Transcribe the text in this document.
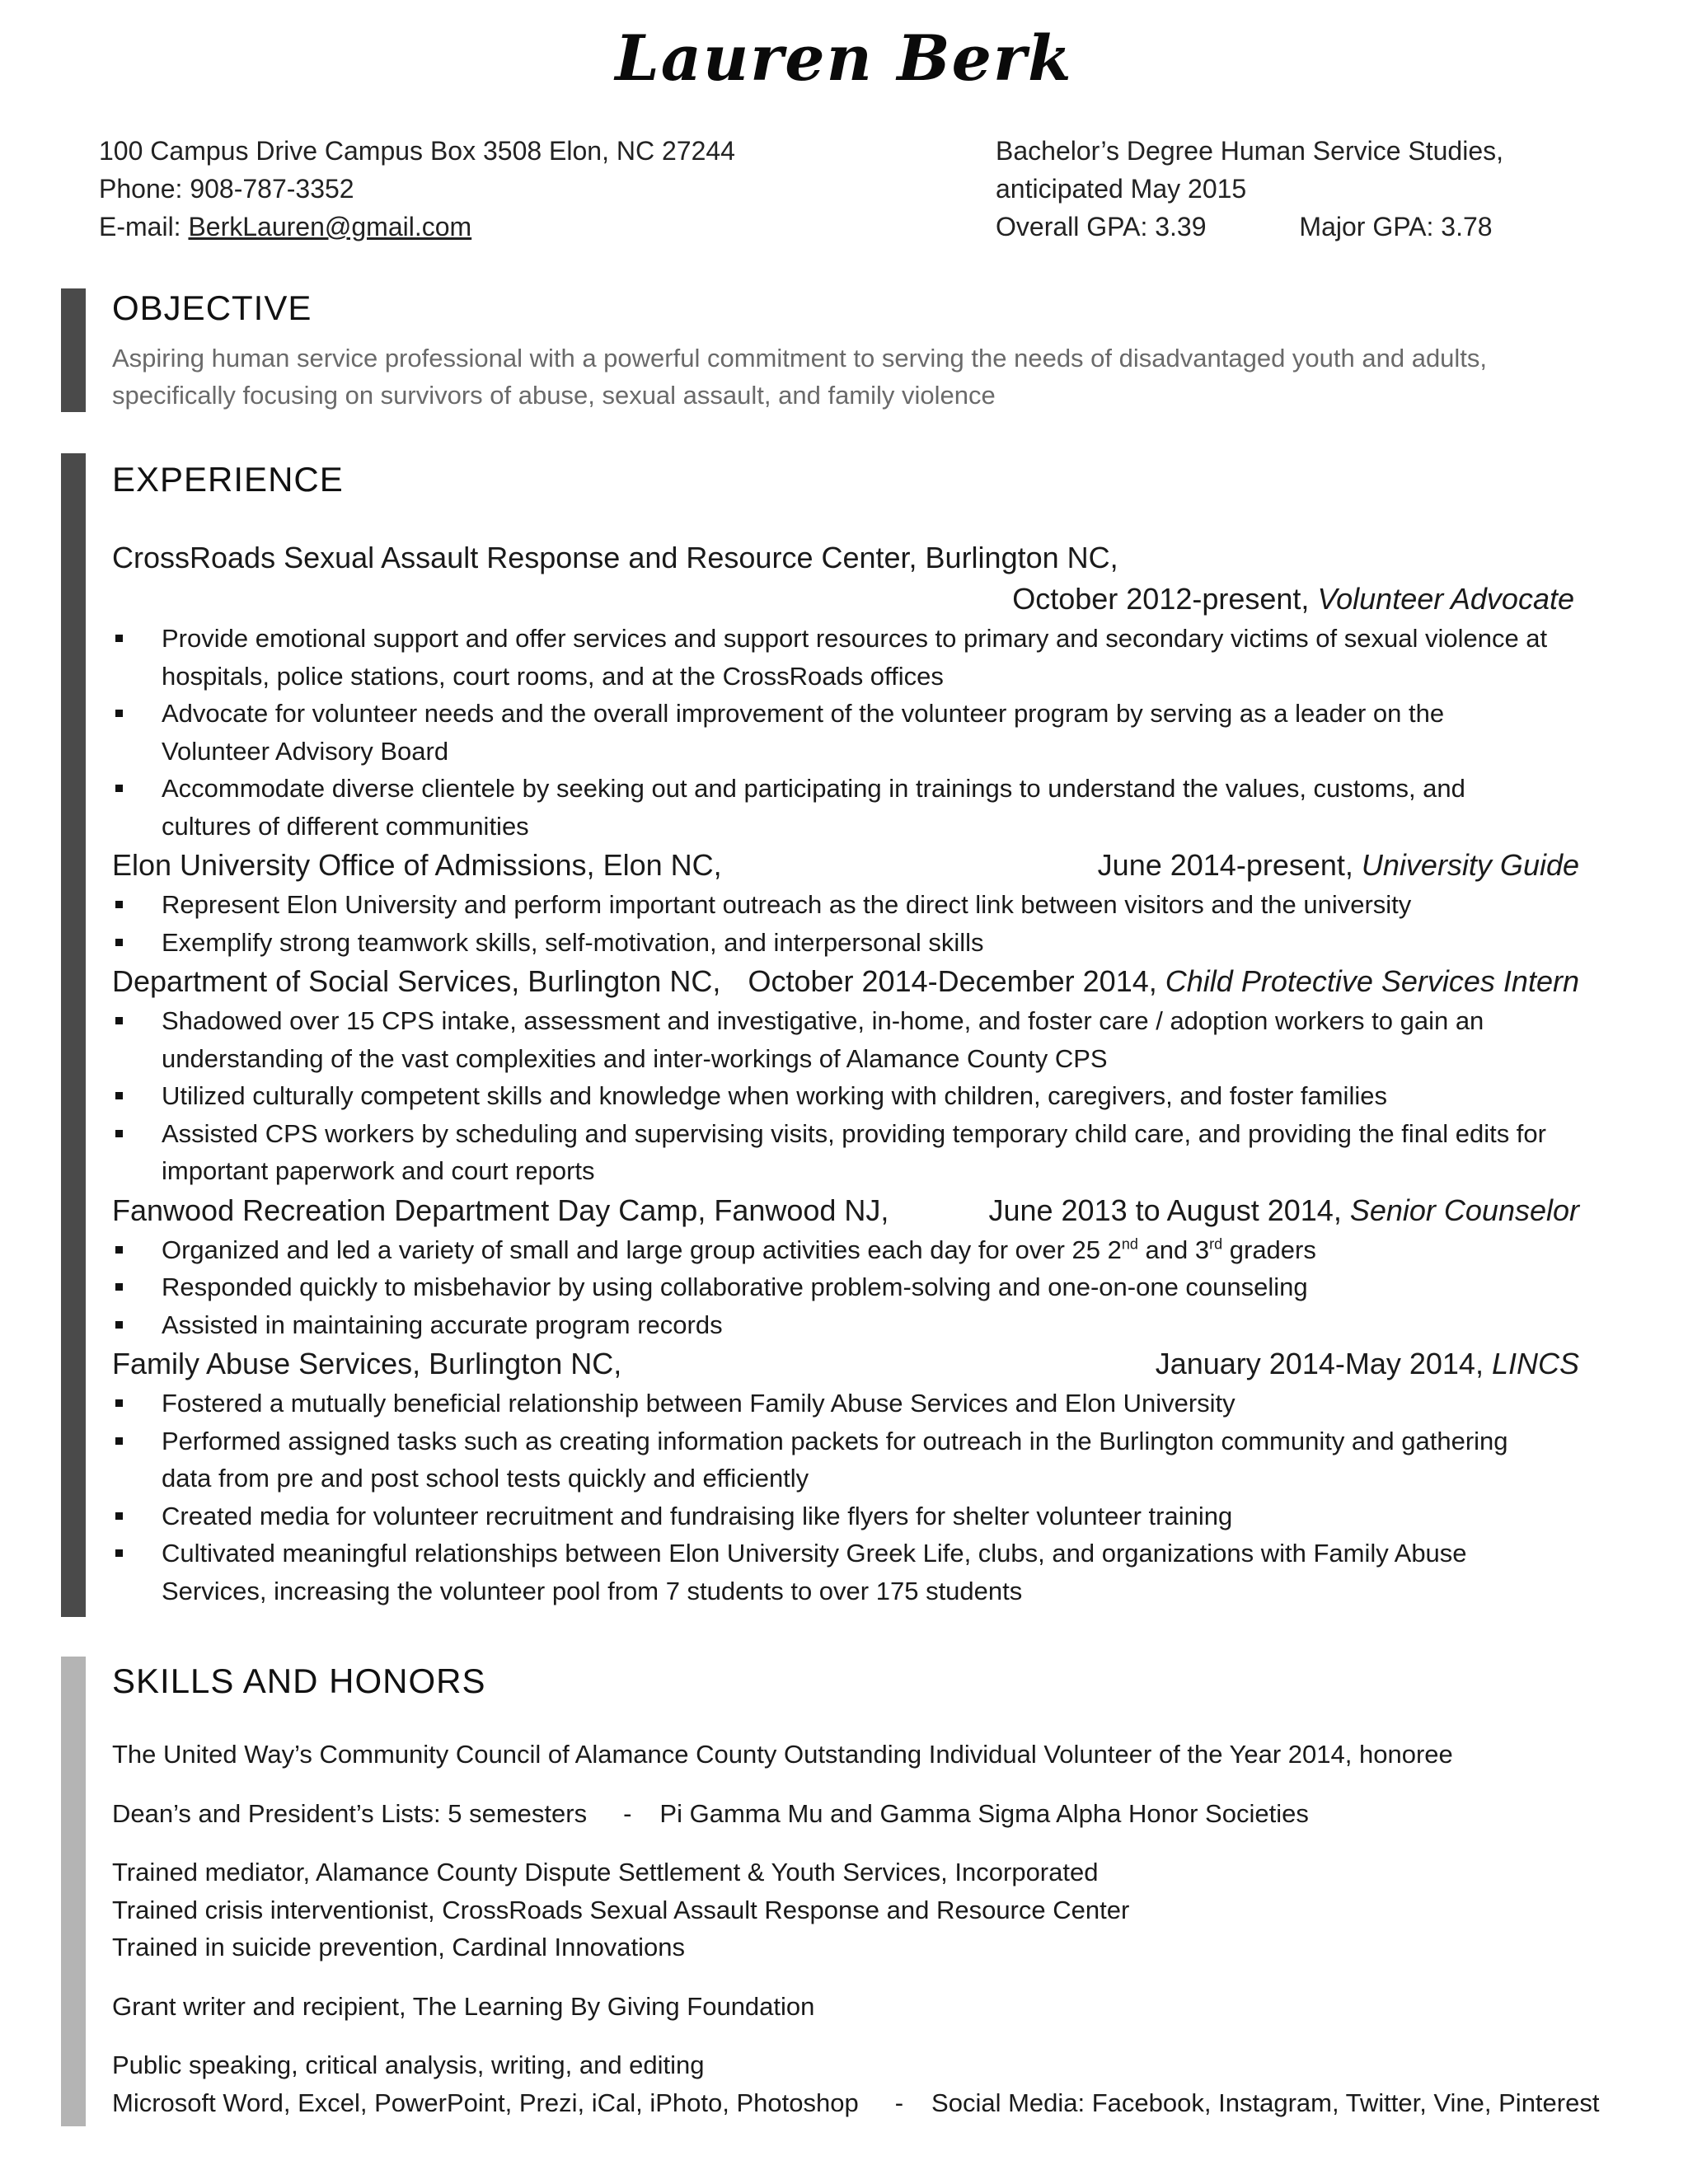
Lauren Berk
100 Campus Drive Campus Box 3508 Elon, NC 27244
Phone: 908-787-3352
E-mail: BerkLauren@gmail.com
Bachelor’s Degree Human Service Studies,
anticipated May 2015
Overall GPA: 3.39	Major GPA: 3.78
OBJECTIVE
Aspiring human service professional with a powerful commitment to serving the needs of disadvantaged youth and adults,
specifically focusing on survivors of abuse, sexual assault, and family violence
EXPERIENCE
CrossRoads Sexual Assault Response and Resource Center, Burlington NC,
October 2012-present, Volunteer Advocate
Provide emotional support and offer services and support resources to primary and secondary victims of sexual violence at
hospitals, police stations, court rooms, and at the CrossRoads offices
Advocate for volunteer needs and the overall improvement of the volunteer program by serving as a leader on the
Volunteer Advisory Board
Accommodate diverse clientele by seeking out and participating in trainings to understand the values, customs, and
cultures of different communities
Elon University Office of Admissions, Elon NC,	June 2014-present, University Guide
Represent Elon University and perform important outreach as the direct link between visitors and the university
Exemplify strong teamwork skills, self-motivation, and interpersonal skills
Department of Social Services, Burlington NC, October 2014-December 2014, Child Protective Services Intern
Shadowed over 15 CPS intake, assessment and investigative, in-home, and foster care / adoption workers to gain an
understanding of the vast complexities and inter-workings of Alamance County CPS
Utilized culturally competent skills and knowledge when working with children, caregivers, and foster families
Assisted CPS workers by scheduling and supervising visits, providing temporary child care, and providing the final edits for
important paperwork and court reports
Fanwood Recreation Department Day Camp, Fanwood NJ,	June 2013 to August 2014, Senior Counselor
Organized and led a variety of small and large group activities each day for over 25 2nd and 3rd graders
Responded quickly to misbehavior by using collaborative problem-solving and one-on-one counseling
Assisted in maintaining accurate program records
Family Abuse Services, Burlington NC,	January 2014-May 2014, LINCS
Fostered a mutually beneficial relationship between Family Abuse Services and Elon University
Performed assigned tasks such as creating information packets for outreach in the Burlington community and gathering
data from pre and post school tests quickly and efficiently
Created media for volunteer recruitment and fundraising like flyers for shelter volunteer training
Cultivated meaningful relationships between Elon University Greek Life, clubs, and organizations with Family Abuse
Services, increasing the volunteer pool from 7 students to over 175 students
SKILLS AND HONORS

The United Way’s Community Council of Alamance County Outstanding Individual Volunteer of the Year 2014, honoree

Dean’s and President’s Lists: 5 semesters - Pi Gamma Mu and Gamma Sigma Alpha Honor Societies

Trained mediator, Alamance County Dispute Settlement & Youth Services, Incorporated

Trained crisis interventionist, CrossRoads Sexual Assault Response and Resource Center

Trained in suicide prevention, Cardinal Innovations

Grant writer and recipient, The Learning By Giving Foundation

Public speaking, critical analysis, writing, and editing

Microsoft Word, Excel, PowerPoint, Prezi, iCal, iPhoto, Photoshop - Social Media: Facebook, Instagram, Twitter, Vine, Pinterest
